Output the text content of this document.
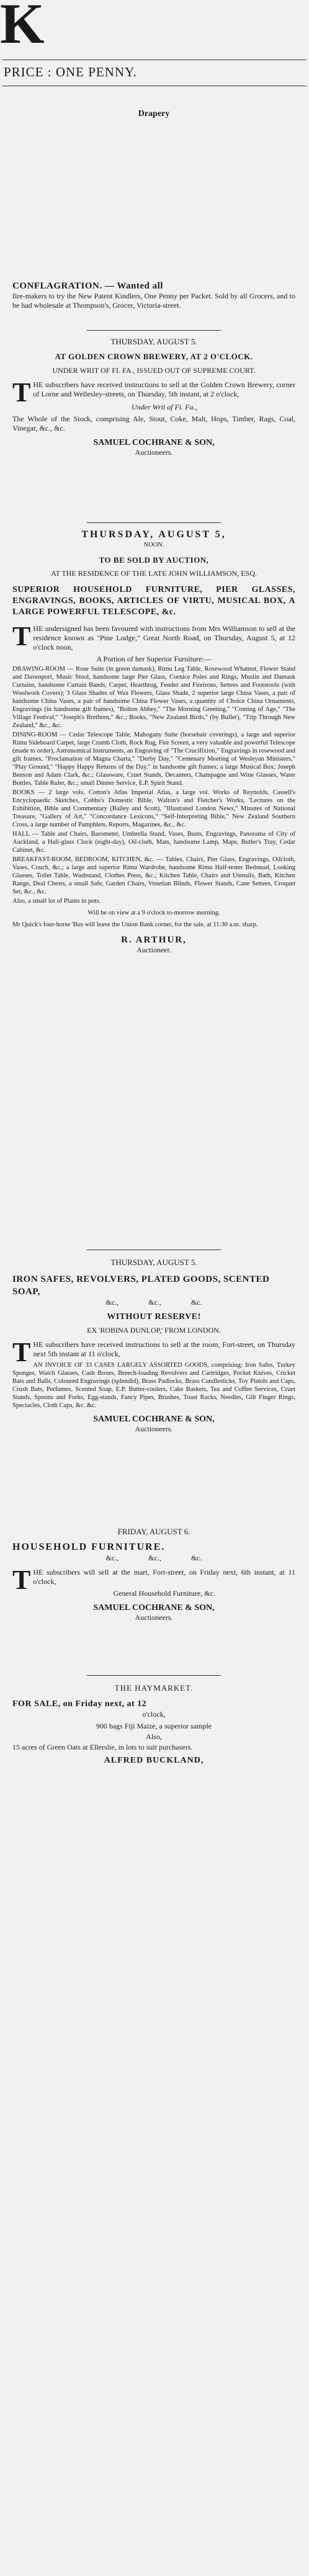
K
PRICE : ONE PENNY.
Drapery

CONFLAGRATION. — Wanted all

fire-makers to try the New Patent Kindlers, One Penny per Packet. Sold by all Grocers, and to be had wholesale at Thompson's, Grocer, Victoria-street.

THURSDAY, AUGUST 5.

AT GOLDEN CROWN BREWERY, AT 2 O'CLOCK.

UNDER WRIT OF FI. FA., ISSUED OUT OF SUPREME COURT.

THE subscribers have received instructions to sell at the Golden Crown Brewery, corner of Lorne and Wellesley-streets, on Thursday, 5th instant, at 2 o'clock,

Under Writ of Fi. Fa.,

The Whole of the Stock, comprising Ale, Stout, Coke, Malt, Hops, Timber, Rags, Coal, Vinegar, &c., &c.

SAMUEL COCHRANE & SON,

Auctioneers.

THURSDAY, AUGUST 5,

NOON.

TO BE SOLD BY AUCTION,

AT THE RESIDENCE OF THE LATE JOHN WILLIAMSON, ESQ.

SUPERIOR HOUSEHOLD FURNITURE, PIER GLASSES, ENGRAVINGS, BOOKS, ARTICLES OF VIRTU, MUSICAL BOX, A LARGE POWERFUL TELESCOPE, &c.

THE undersigned has been favoured with instructions from Mrs Williamson to sell at the residence known as "Pine Lodge," Great North Road, on Thursday, August 5, at 12 o'clock noon,

A Portion of her Superior Furniture:—

DRAWING-ROOM — Rose Suite (in green damask), Rimu Leg Table, Rosewood Whatnot, Flower Stand and Davenport, Music Stool, handsome large Pier Glass, Cornice Poles and Rings, Muslin and Damask Curtains, handsome Curtain Bands, Carpet, Hearthrug, Fender and Fireirons, Settees and Footstools (with Woolwork Covers); 3 Glass Shades of Wax Flowers, Glass Shade, 2 superior large China Vases, a pair of handsome China Vases, a pair of handsome China Flower Vases, a quantity of Choice China Ornaments, Engravings (in handsome gilt frames), "Bolton Abbey," "The Morning Greeting," "Coming of Age," "The Village Festival," "Joseph's Brethren," &c.; Books, "New Zealand Birds," (by Buller), "Trip Through New Zealand," &c., &c.

DINING-ROOM — Cedar Telescope Table, Mahogany Suite (horsehair coverings), a large and superior Rimu Sideboard Carpet, large Crumb Cloth, Rock Rug, Fire Screen, a very valuable and powerful Telescope (made to order), Astronomical Instruments, an Engraving of "The Crucifixion," Engravings in rosewood and gilt frames, "Proclamation of Magna Charta," "Derby Day," "Centenary Meeting of Wesleyan Ministers," "Play Ground," "Happy Happy Returns of the Day," in handsome gilt frames; a large Musical Box; Joseph Benson and Adam Clark, &c.; Glassware, Cruet Stands, Decanters, Champagne and Wine Glasses, Water Bottles, Table Ruler, &c.; small Dinner Service, E.P. Spirit Stand.

BOOKS — 2 large vols. Cotton's Atlas Imperial Atlas, a large vol. Works of Reynolds, Cassell's Encyclopaedic Sketches, Cobbs's Domestic Bible, Walton's and Fletcher's Works, 'Lectures on the Exhibition, Bible and Commentary (Bailey and Scott), "Illustrated London News," Minutes of National Treasure, "Gallery of Art," "Concordance Lexicons," "Self-Interpreting Bible," New Zealand Southern Cross, a large number of Pamphlets, Reports, Magazines, &c., &c.

HALL — Table and Chairs, Barometer, Umbrella Stand, Vases, Busts, Engravings, Panorama of City of Auckland, a Hall-glass Clock (eight-day), Oil-cloth, Mats, handsome Lamp, Maps, Butler's Tray, Cedar Cabinet, &c.

BREAKFAST-ROOM, BEDROOM, KITCHEN, &c. — Tables, Chairs, Pier Glass, Engravings, Oilcloth, Vases, Couch, &c.; a large and superior Rimu Wardrobe, handsome Rimu Half-tester Bedstead, Looking Glasses, Toilet Table, Washstand, Clothes Press, &c.; Kitchen Table, Chairs and Utensils, Bath, Kitchen Range, Deal Chests, a small Safe, Garden Chairs, Venetian Blinds, Flower Stands, Cane Settees, Croquet Set, &c., &c.

Also, a small lot of Plants in pots.

Will be on view at a 9 o'clock to-morrow morning.

Mr Quick's four-horse 'Bus will leave the Union Bank corner, for the sale, at 11:30 a.m. sharp.

R. ARTHUR,

Auctioneer.

THURSDAY, AUGUST 5.

IRON SAFES, REVOLVERS, PLATED GOODS, SCENTED SOAP,

&c.,                &c.,                &c.

WITHOUT RESERVE!

EX 'ROBINA DUNLOP,' FROM LONDON.

THE subscribers have received instructions to sell at the room, Fort-street, on Thursday next 5th instant at 11 o'clock,

AN INVOICE OF 33 CASES LARGELY ASSORTED GOODS, comprising: Iron Safes, Turkey Sponges, Watch Glasses, Cash Boxes, Breech-loading Revolvers and Cartridges, Pocket Knives, Cricket Bats and Balls, Coloured Engravings (splendid), Brass Padlocks, Brass Candlesticks, Toy Pistols and Caps, Crush Bats, Perfumes, Scented Soap, E.P. Butter-coolers, Cake Baskets, Tea and Coffee Services, Cruet Stands, Spoons and Forks, Egg-stands, Fancy Pipes, Brushes, Toast Racks, Needles, Gilt Finger Rings, Spectacles, Cloth Caps, &c. &c.

SAMUEL COCHRANE & SON,

Auctioneers.

FRIDAY, AUGUST 6.

HOUSEHOLD FURNITURE.

&c.,                &c.,                &c.

THE subscribers will sell at the mart, Fort-street, on Friday next, 6th instant, at 11 o'clock,

General Household Furniture, &c.

SAMUEL COCHRANE & SON,

Auctioneers.

THE HAYMARKET.

FOR SALE, on Friday next, at 12

o'clock,

900 bags Fiji Maize, a superior sample

Also,

15 acres of Green Oats at Ellerslie, in lots to suit purchasers.

ALFRED BUCKLAND,
